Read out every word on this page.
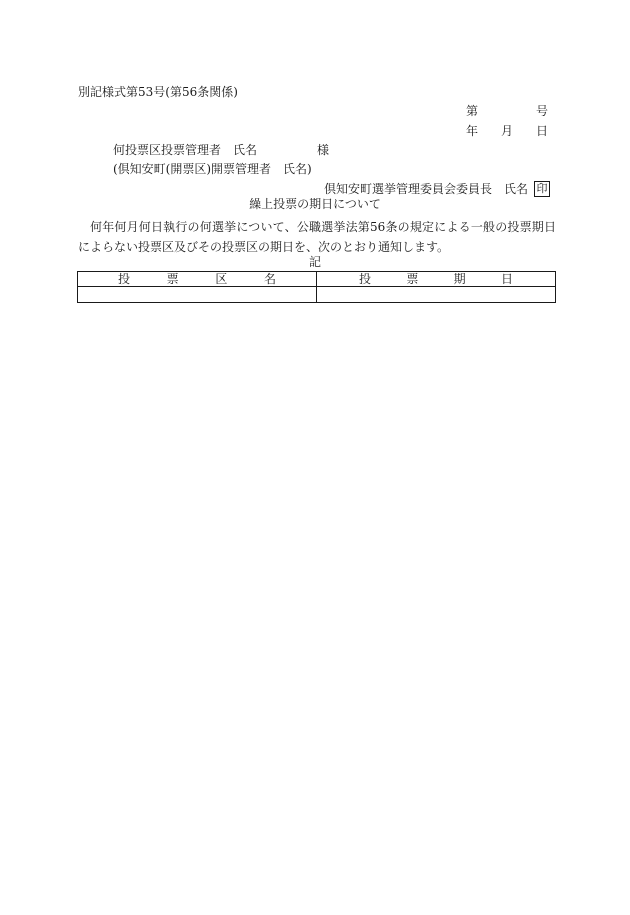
別記様式第53号(第56条関係)
第	号
年 月 日
何投票区投票管理者　氏名	様
(倶知安町(開票区)開票管理者　氏名)
倶知安町選挙管理委員会委員長　氏名 印
繰上投票の期日について
何年何月何日執行の何選挙について、公職選挙法第56条の規定による一般の投票期日によらない投票区及びその投票区の期日を、次のとおり通知します。
記
投 票 区 名	投 票 期 日
